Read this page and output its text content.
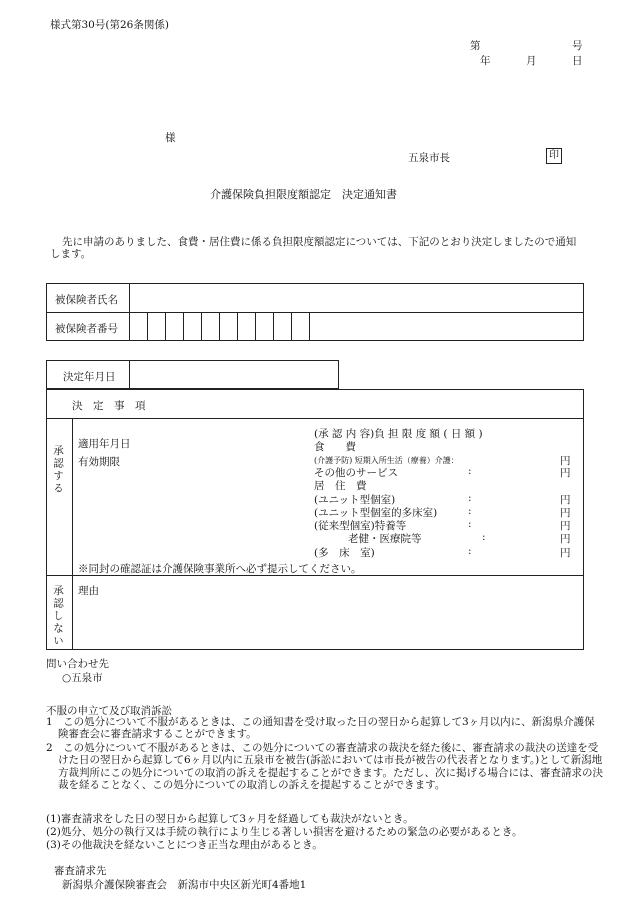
様式第30号(第26条関係)
第	号
年	月	日
様
五泉市長	印
介護保険負担限度額認定　決定通知書
先に申請のありました、食費・居住費に係る負担限度額認定については、下記のとおり決定しましたので通知します。
被保険者氏名
被保険者番号
決定年月日
決　定　事　項
承認する
適用年月日
有効期限
(承 認 内 容)負 担 限 度 額 ( 日 額 )
食　　費
(介護予防) 短期入所生活（療養）介護：	円
その他のサービス	:	円
居　住　費
(ユニット型個室)	:	円
(ユニット型個室的多床室)	:	円
(従来型個室)特養等	:	円
老健・医療院等	:	円
(多　床　室)	:	円
※同封の確認証は介護保険事業所へ必ず提示してください。
承認しない 理由
問い合わせ先
○五泉市
不服の申立て及び取消訴訟
1　この処分について不服があるときは、この通知書を受け取った日の翌日から起算して3ヶ月以内に、新潟県介護保険審査会に審査請求することができます。
2　この処分について不服があるときは、この処分についての審査請求の裁決を経た後に、審査請求の裁決の送達を受けた日の翌日から起算して6ヶ月以内に五泉市を被告(訴訟においては市長が被告の代表者となります。)として新潟地方裁判所にこの処分についての取消の訴えを提起することができます。ただし、次に掲げる場合には、審査請求の決裁を経ることなく、この処分についての取消しの訴えを提起することができます。
(1)審査請求をした日の翌日から起算して3ヶ月を経過しても裁決がないとき。
(2)処分、処分の執行又は手続の執行により生じる著しい損害を避けるための緊急の必要があるとき。
(3)その他裁決を経ないことにつき正当な理由があるとき。
審査請求先
新潟県介護保険審査会　新潟市中央区新光町4番地1
